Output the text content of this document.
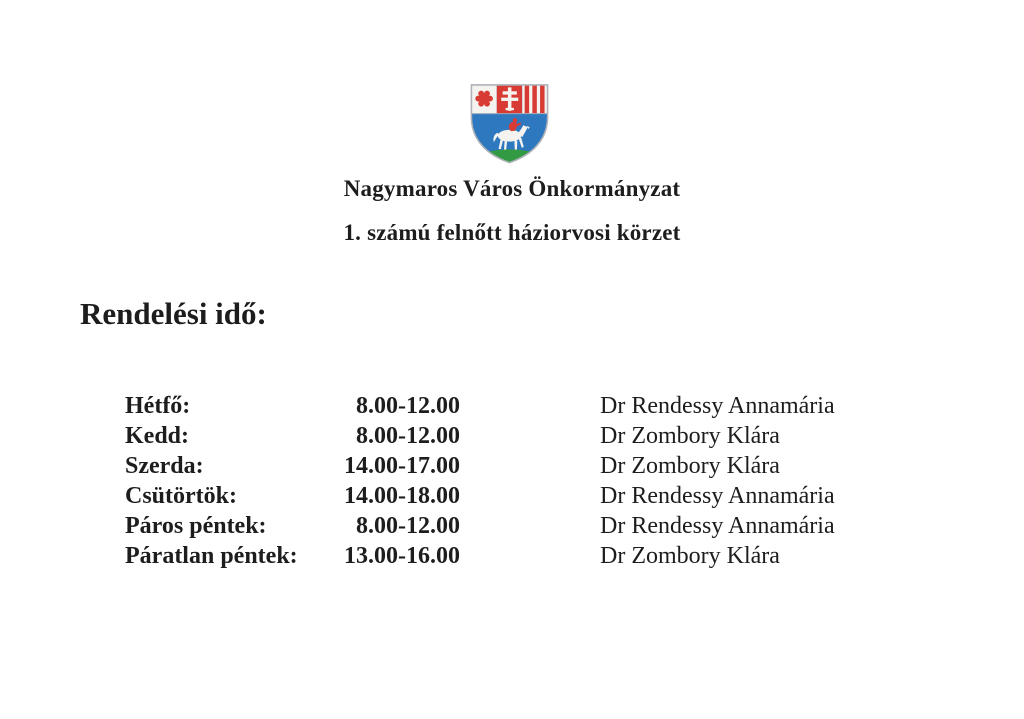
Nagymaros Város Önkormányzat
1. számú felnőtt háziorvosi körzet
Rendelési idő:
Hétfő:	8.00-12.00	Dr Rendessy Annamária
Kedd:	8.00-12.00	Dr Zombory Klára
Szerda:	14.00-17.00	Dr Zombory Klára
Csütörtök:	14.00-18.00	Dr Rendessy Annamária
Páros péntek:	8.00-12.00	Dr Rendessy Annamária
Páratlan péntek:	13.00-16.00	Dr Zombory Klára
